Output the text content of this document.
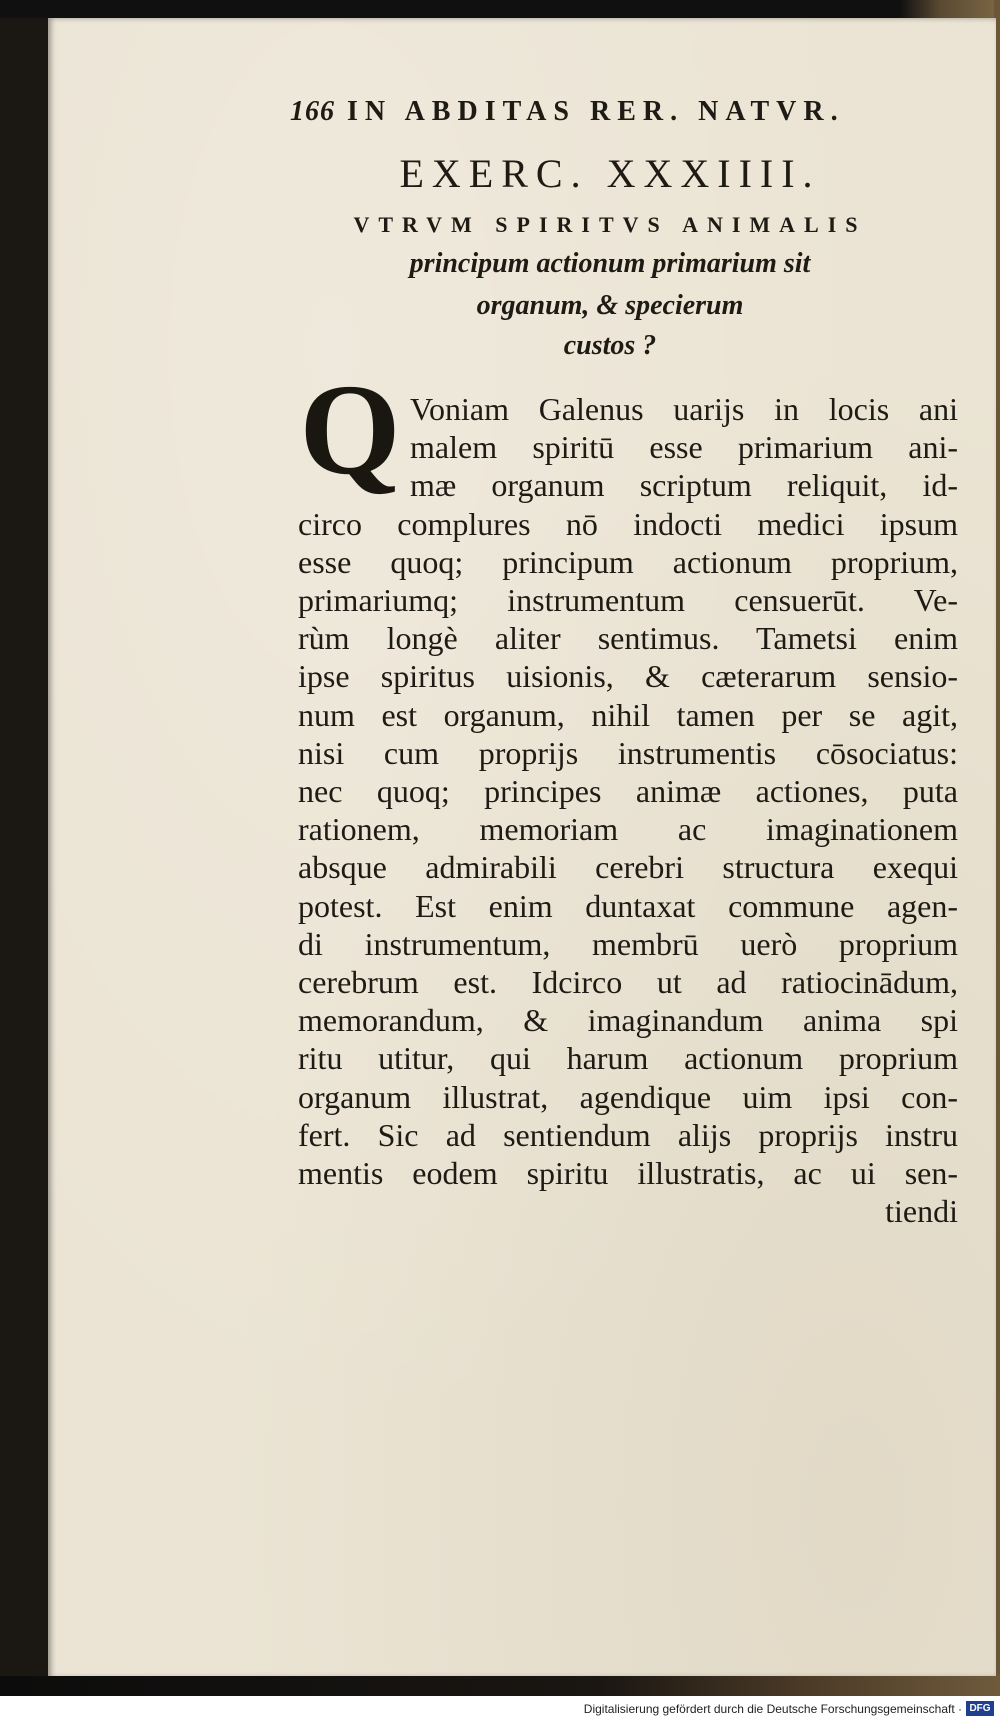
166 IN ABDITAS RER. NATVR.
EXERC. XXXIIII.
VTRVM SPIRITVS ANIMALIS
principum actionum primarium sit
organum, & specierum
custos ?
Q Voniam Galenus uarijs in locis ani
malem spiritū esse primarium ani-
mæ organum scriptum reliquit, id-
circo complures nō indocti medici ipsum
esse quoq; principum actionum proprium,
primariumq; instrumentum censuerūt. Ve-
rùm longè aliter sentimus. Tametsi enim
ipse spiritus uisionis, & cæterarum sensio-
num est organum, nihil tamen per se agit,
nisi cum proprijs instrumentis cōsociatus:
nec quoq; principes animæ actiones, puta
rationem, memoriam ac imaginationem
absque admirabili cerebri structura exequi
potest. Est enim duntaxat commune agen-
di instrumentum, membrū uerò proprium
cerebrum est. Idcirco ut ad ratiocinādum,
memorandum, & imaginandum anima spi
ritu utitur, qui harum actionum proprium
organum illustrat, agendique uim ipsi con-
fert. Sic ad sentiendum alijs proprijs instru
mentis eodem spiritu illustratis, ac ui sen-
tiendi
Digitalisierung gefördert durch die Deutsche Forschungsgemeinschaft · DFG
